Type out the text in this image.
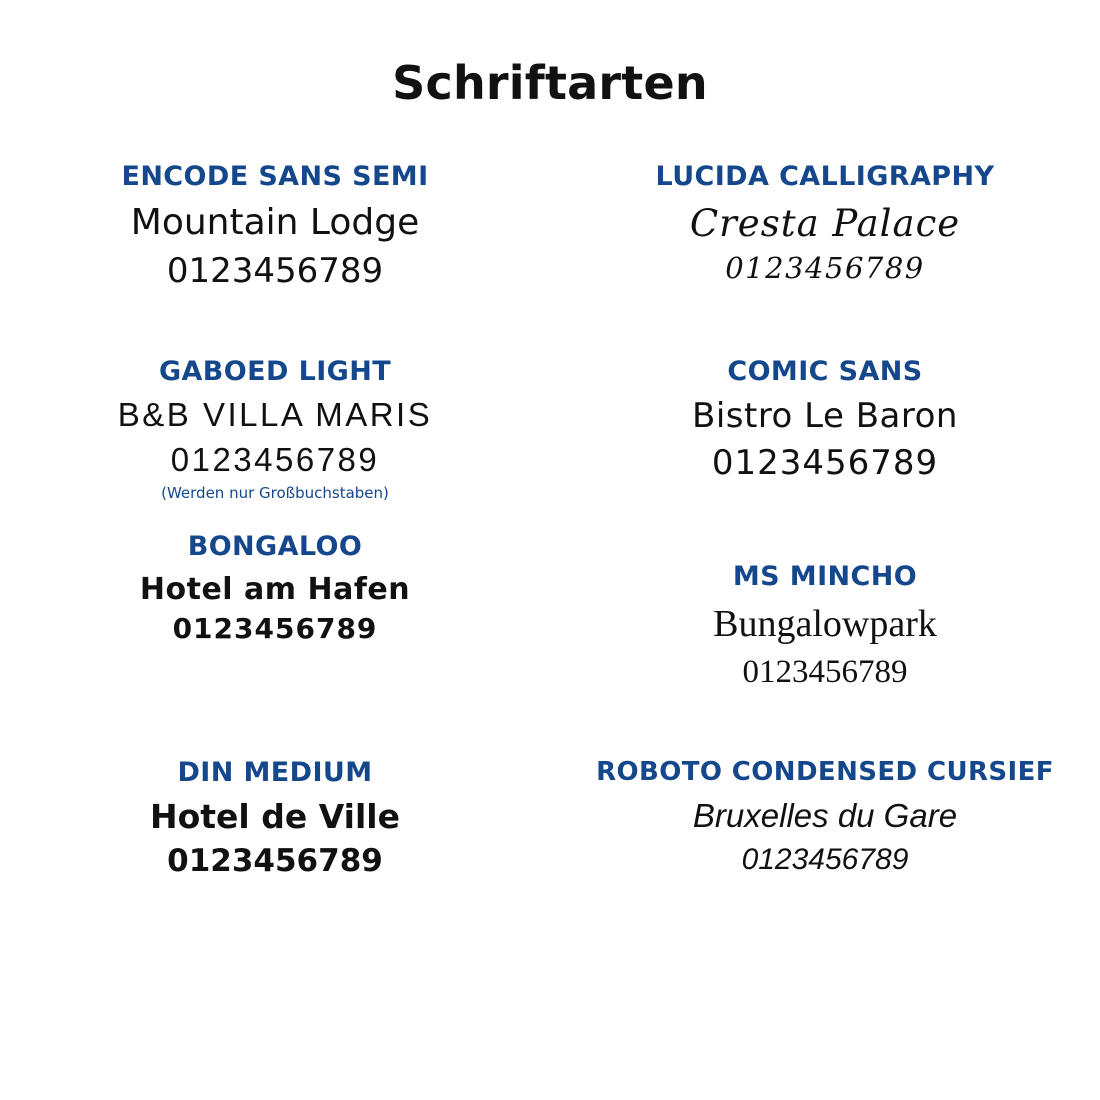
Schriftarten
ENCODE SANS SEMI
Mountain Lodge
0123456789
LUCIDA CALLIGRAPHY
Cresta Palace
0123456789
GABOED LIGHT
B&B VILLA MARIS
0123456789
(Werden nur Großbuchstaben)
COMIC SANS
Bistro Le Baron
0123456789
BONGALOO
Hotel am Hafen
0123456789
MS MINCHO
Bungalowpark
0123456789
DIN MEDIUM
Hotel de Ville
0123456789
ROBOTO CONDENSED CURSIEF
Bruxelles du Gare
0123456789
